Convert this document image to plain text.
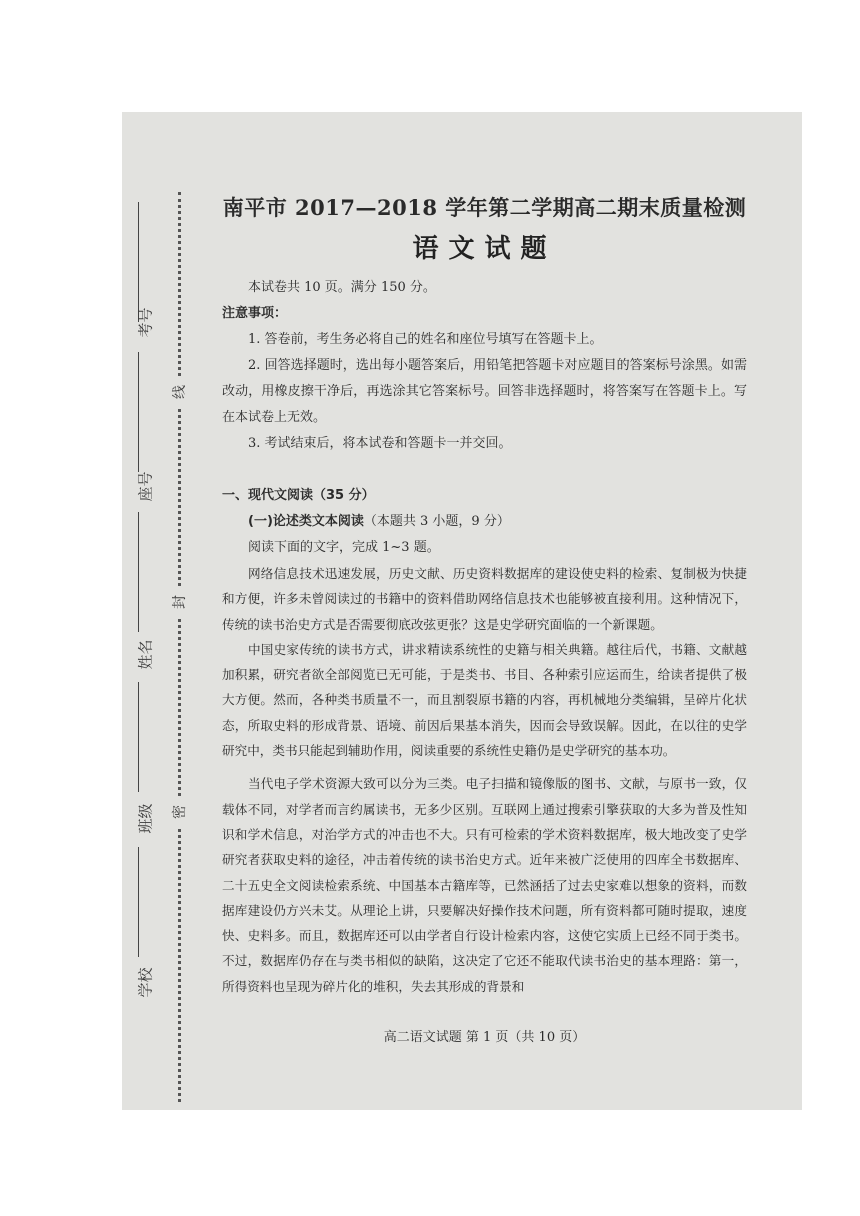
考号
座号
姓名
班级
学校
线
封
密
南平市 2017—2018 学年第二学期高二期末质量检测
语文试题

本试卷共 10 页。满分 150 分。

注意事项：

1. 答卷前，考生务必将自己的姓名和座位号填写在答题卡上。

2. 回答选择题时，选出每小题答案后，用铅笔把答题卡对应题目的答案标号涂黑。如需改动，用橡皮擦干净后，再选涂其它答案标号。回答非选择题时，将答案写在答题卡上。写在本试卷上无效。

3. 考试结束后，将本试卷和答题卡一并交回。

一、现代文阅读（35 分）

(一)论述类文本阅读（本题共 3 小题，9 分）

阅读下面的文字，完成 1~3 题。

网络信息技术迅速发展，历史文献、历史资料数据库的建设使史料的检索、复制极为快捷和方便，许多未曾阅读过的书籍中的资料借助网络信息技术也能够被直接利用。这种情况下，传统的读书治史方式是否需要彻底改弦更张？这是史学研究面临的一个新课题。

中国史家传统的读书方式，讲求精读系统性的史籍与相关典籍。越往后代，书籍、文献越加积累，研究者欲全部阅览已无可能，于是类书、书目、各种索引应运而生，给读者提供了极大方便。然而，各种类书质量不一，而且割裂原书籍的内容，再机械地分类编辑，呈碎片化状态，所取史料的形成背景、语境、前因后果基本消失，因而会导致误解。因此，在以往的史学研究中，类书只能起到辅助作用，阅读重要的系统性史籍仍是史学研究的基本功。

当代电子学术资源大致可以分为三类。电子扫描和镜像版的图书、文献，与原书一致，仅载体不同，对学者而言约属读书，无多少区别。互联网上通过搜索引擎获取的大多为普及性知识和学术信息，对治学方式的冲击也不大。只有可检索的学术资料数据库，极大地改变了史学研究者获取史料的途径，冲击着传统的读书治史方式。近年来被广泛使用的四库全书数据库、二十五史全文阅读检索系统、中国基本古籍库等，已然涵括了过去史家难以想象的资料，而数据库建设仍方兴未艾。从理论上讲，只要解决好操作技术问题，所有资料都可随时提取，速度快、史料多。而且，数据库还可以由学者自行设计检索内容，这使它实质上已经不同于类书。不过，数据库仍存在与类书相似的缺陷，这决定了它还不能取代读书治史的基本理路：第一，所得资料也呈现为碎片化的堆积，失去其形成的背景和

高二语文试题 第 1 页（共 10 页）
